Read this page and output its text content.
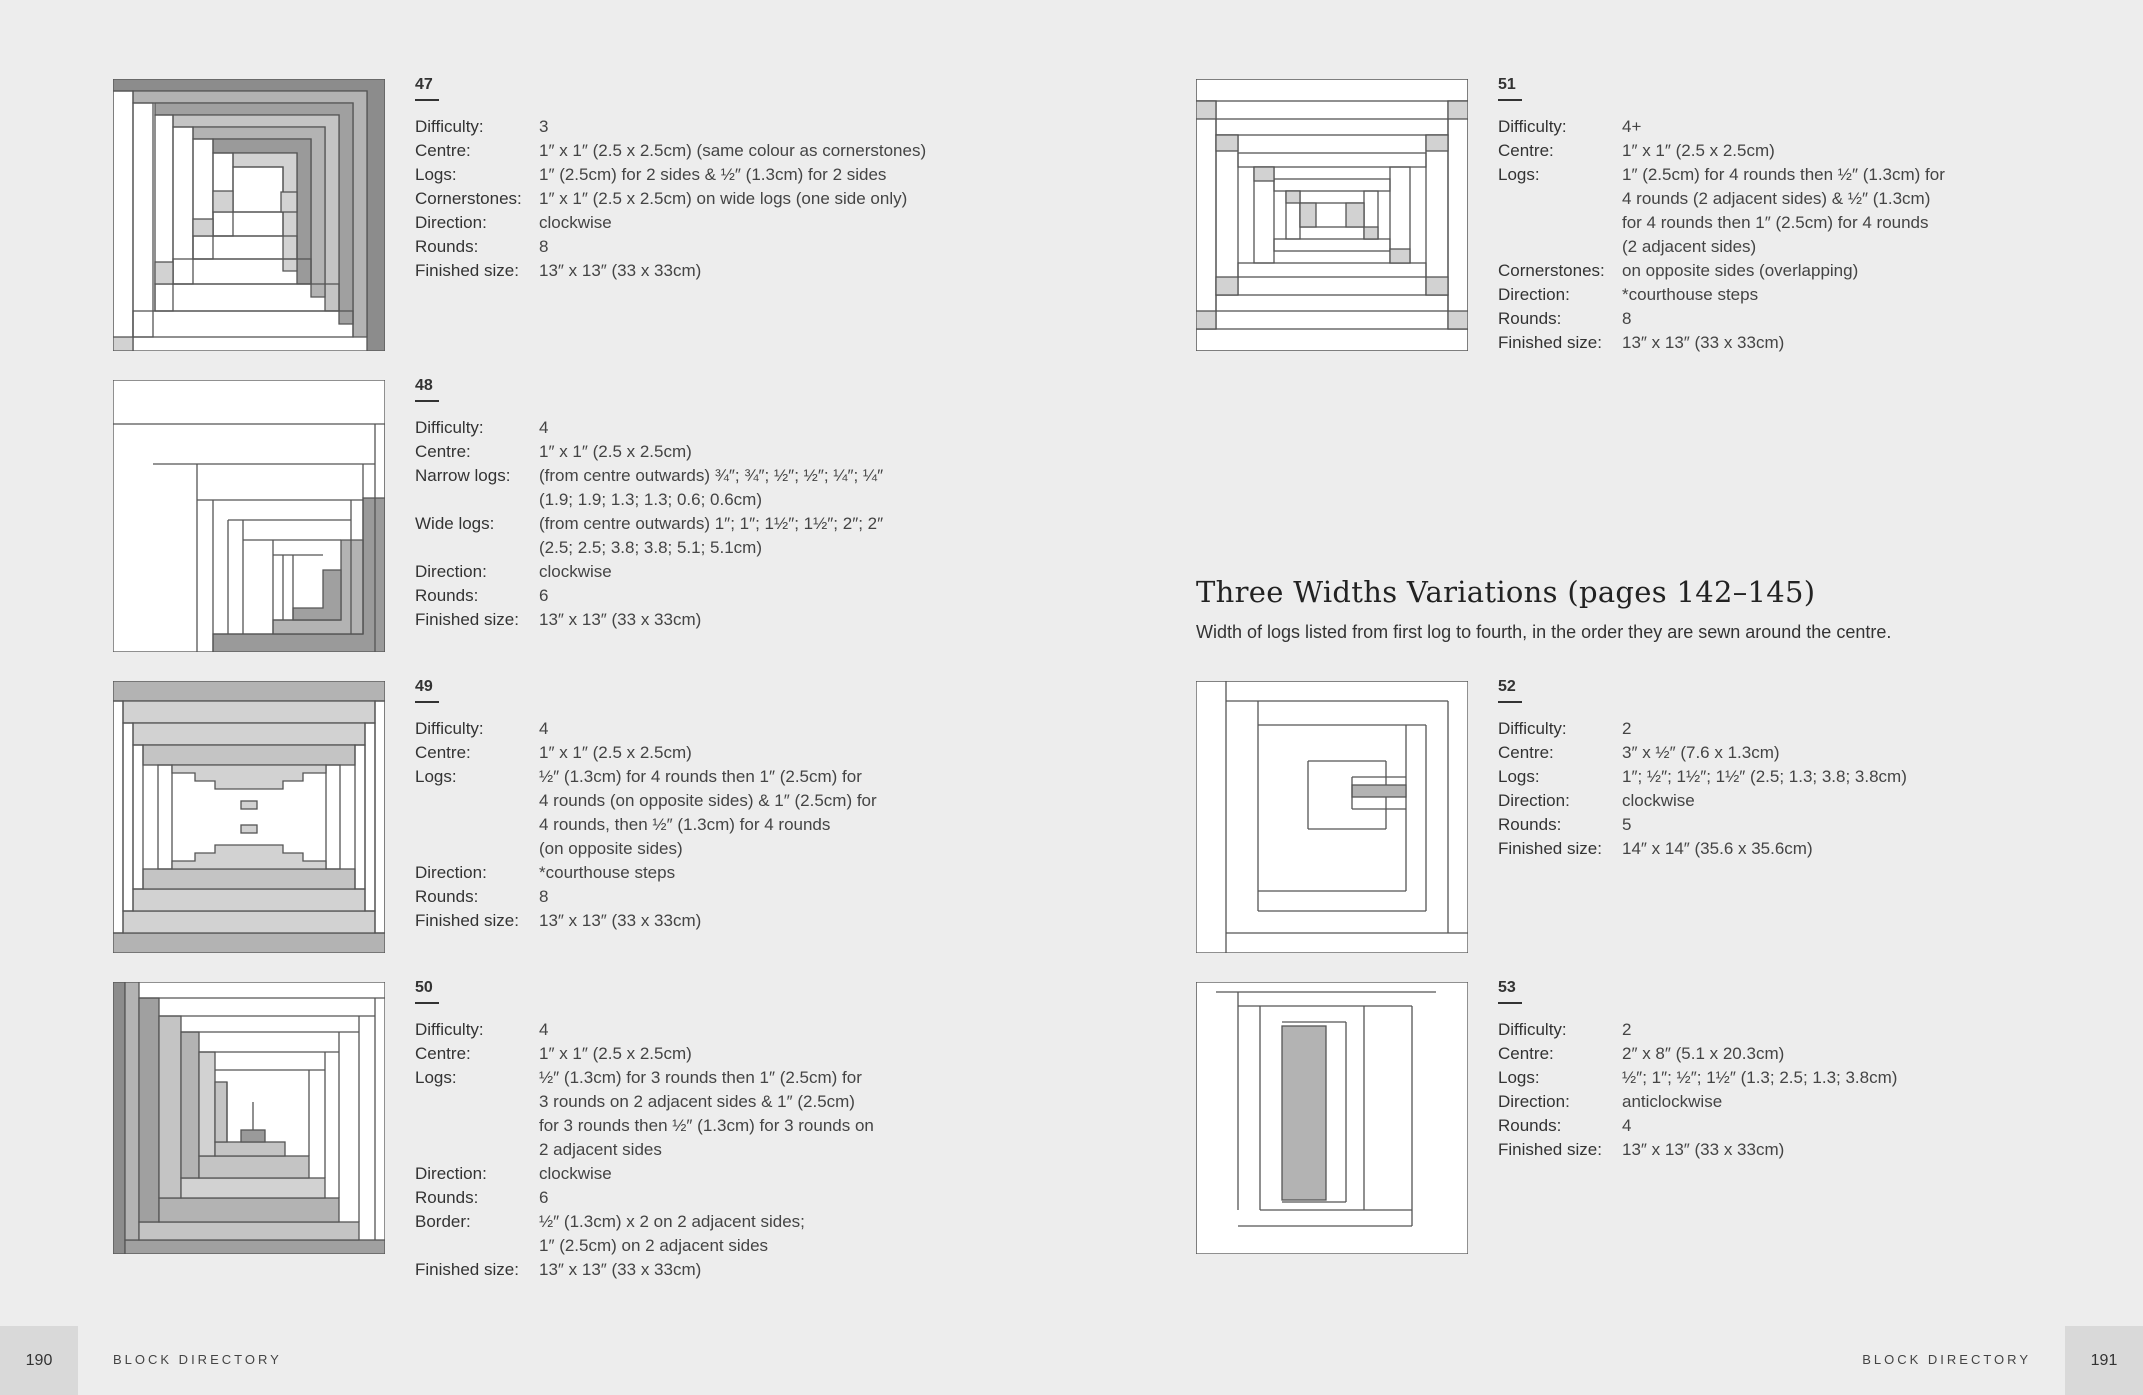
47
Difficulty:	3
Centre:	1″ x 1″ (2.5 x 2.5cm) (same colour as cornerstones)
Logs:	1″ (2.5cm) for 2 sides & ½″ (1.3cm) for 2 sides
Cornerstones:	1″ x 1″ (2.5 x 2.5cm) on wide logs (one side only)
Direction:	clockwise
Rounds:	8
Finished size:	13″ x 13″ (33 x 33cm)
48
Difficulty:	4
Centre:	1″ x 1″ (2.5 x 2.5cm)
Narrow logs:	(from centre outwards) ¾″; ¾″; ½″; ½″; ¼″; ¼″
(1.9; 1.9; 1.3; 1.3; 0.6; 0.6cm)
Wide logs:	(from centre outwards) 1″; 1″; 1½″; 1½″; 2″; 2″
(2.5; 2.5; 3.8; 3.8; 5.1; 5.1cm)
Direction:	clockwise
Rounds:	6
Finished size:	13″ x 13″ (33 x 33cm)
49
Difficulty:	4
Centre:	1″ x 1″ (2.5 x 2.5cm)
Logs:	½″ (1.3cm) for 4 rounds then 1″ (2.5cm) for
4 rounds (on opposite sides) & 1″ (2.5cm) for
4 rounds, then ½″ (1.3cm) for 4 rounds
(on opposite sides)
Direction:	*courthouse steps
Rounds:	8
Finished size:	13″ x 13″ (33 x 33cm)
50
Difficulty:	4
Centre:	1″ x 1″ (2.5 x 2.5cm)
Logs:	½″ (1.3cm) for 3 rounds then 1″ (2.5cm) for
3 rounds on 2 adjacent sides & 1″ (2.5cm)
for 3 rounds then ½″ (1.3cm) for 3 rounds on
2 adjacent sides
Direction:	clockwise
Rounds:	6
Border:	½″ (1.3cm) x 2 on 2 adjacent sides;
1″ (2.5cm) on 2 adjacent sides
Finished size:	13″ x 13″ (33 x 33cm)
51
Difficulty:	4+
Centre:	1″ x 1″ (2.5 x 2.5cm)
Logs:	1″ (2.5cm) for 4 rounds then ½″ (1.3cm) for
4 rounds (2 adjacent sides) & ½″ (1.3cm)
for 4 rounds then 1″ (2.5cm) for 4 rounds
(2 adjacent sides)
Cornerstones:	on opposite sides (overlapping)
Direction:	*courthouse steps
Rounds:	8
Finished size:	13″ x 13″ (33 x 33cm)
Three Widths Variations (pages 142–145)
Width of logs listed from first log to fourth, in the order they are sewn around the centre.
52
Difficulty:	2
Centre:	3″ x ½″ (7.6 x 1.3cm)
Logs:	1″; ½″; 1½″; 1½″ (2.5; 1.3; 3.8; 3.8cm)
Direction:	clockwise
Rounds:	5
Finished size:	14″ x 14″ (35.6 x 35.6cm)
53
Difficulty:	2
Centre:	2″ x 8″ (5.1 x 20.3cm)
Logs:	½″; 1″; ½″; 1½″ (1.3; 2.5; 1.3; 3.8cm)
Direction:	anticlockwise
Rounds:	4
Finished size:	13″ x 13″ (33 x 33cm)
190	BLOCK DIRECTORY	BLOCK DIRECTORY	191
